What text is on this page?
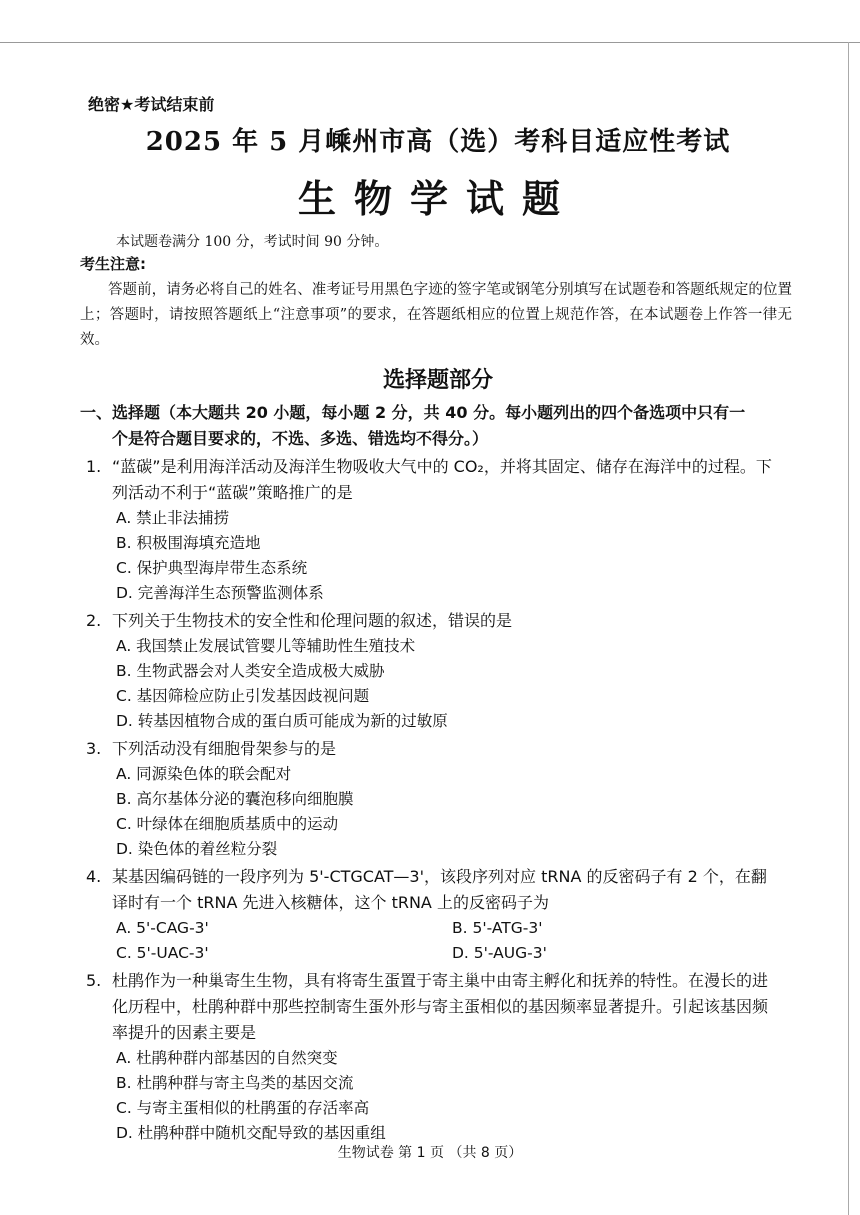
绝密★考试结束前
2025 年 5 月嵊州市高（选）考科目适应性考试
生物学试题
本试题卷满分 100 分，考试时间 90 分钟。
考生注意:
答题前，请务必将自己的姓名、准考证号用黑色字迹的签字笔或钢笔分别填写在试题卷和答题纸规定的位置上；答题时，请按照答题纸上“注意事项”的要求，在答题纸相应的位置上规范作答，在本试题卷上作答一律无效。
选择题部分
一、选择题（本大题共 20 小题，每小题 2 分，共 40 分。每小题列出的四个备选项中只有一
个是符合题目要求的，不选、多选、错选均不得分。）
1. “蓝碳”是利用海洋活动及海洋生物吸收大气中的 CO₂，并将其固定、储存在海洋中的过程。下列活动不利于“蓝碳”策略推广的是
A. 禁止非法捕捞
B. 积极围海填充造地
C. 保护典型海岸带生态系统
D. 完善海洋生态预警监测体系
2. 下列关于生物技术的安全性和伦理问题的叙述，错误的是
A. 我国禁止发展试管婴儿等辅助性生殖技术
B. 生物武器会对人类安全造成极大威胁
C. 基因筛检应防止引发基因歧视问题
D. 转基因植物合成的蛋白质可能成为新的过敏原
3. 下列活动没有细胞骨架参与的是
A. 同源染色体的联会配对
B. 高尔基体分泌的囊泡移向细胞膜
C. 叶绿体在细胞质基质中的运动
D. 染色体的着丝粒分裂
4. 某基因编码链的一段序列为 5'-CTGCAT—3'，该段序列对应 tRNA 的反密码子有 2 个，在翻译时有一个 tRNA 先进入核糖体，这个 tRNA 上的反密码子为
A. 5'-CAG-3'	B. 5'-ATG-3'
C. 5'-UAC-3'	D. 5'-AUG-3'
5. 杜鹃作为一种巢寄生生物，具有将寄生蛋置于寄主巢中由寄主孵化和抚养的特性。在漫长的进化历程中，杜鹃种群中那些控制寄生蛋外形与寄主蛋相似的基因频率显著提升。引起该基因频率提升的因素主要是
A. 杜鹃种群内部基因的自然突变
B. 杜鹃种群与寄主鸟类的基因交流
C. 与寄主蛋相似的杜鹃蛋的存活率高
D. 杜鹃种群中随机交配导致的基因重组
生物试卷 第 1 页 （共 8 页）
